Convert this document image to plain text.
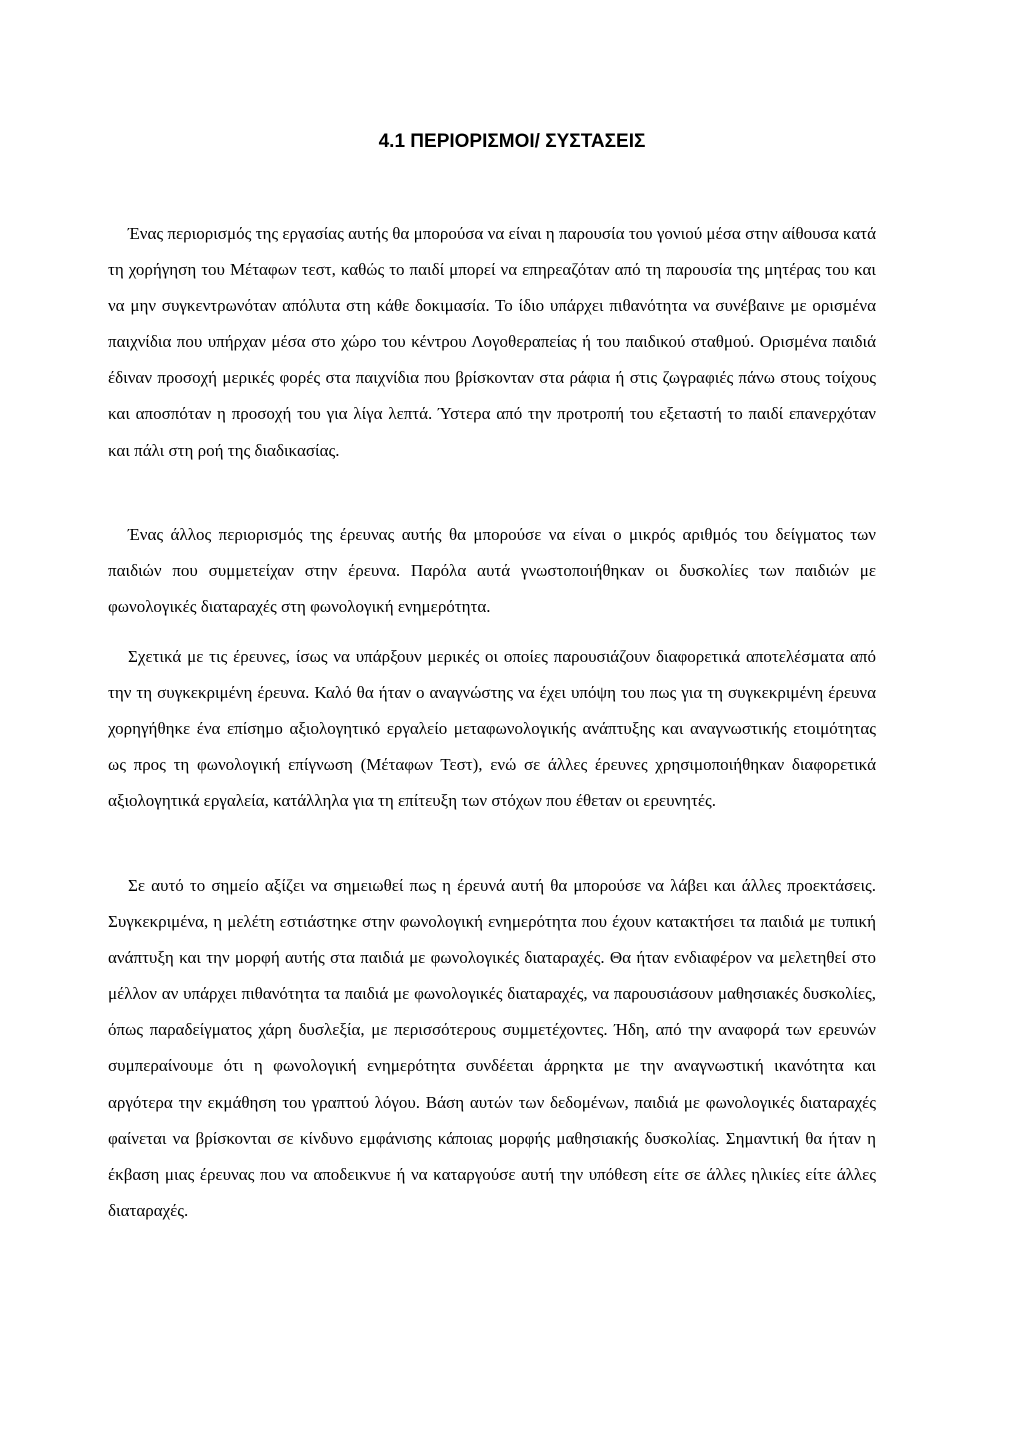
4.1 ΠΕΡΙΟΡΙΣΜΟΙ/ ΣΥΣΤΑΣΕΙΣ

Ένας περιορισμός της εργασίας αυτής θα μπορούσα να είναι η παρουσία του γονιού μέσα στην αίθουσα κατά τη χορήγηση του Μέταφων τεστ, καθώς το παιδί μπορεί να επηρεαζόταν από τη παρουσία της μητέρας του και να μην συγκεντρωνόταν απόλυτα στη κάθε δοκιμασία. Το ίδιο υπάρχει πιθανότητα να συνέβαινε με ορισμένα παιχνίδια που υπήρχαν μέσα στο χώρο του κέντρου Λογοθεραπείας ή του παιδικού σταθμού. Ορισμένα παιδιά έδιναν προσοχή μερικές φορές στα παιχνίδια που βρίσκονταν στα ράφια ή στις ζωγραφιές πάνω στους τοίχους και αποσπόταν η προσοχή του για λίγα λεπτά. Ύστερα από την προτροπή του εξεταστή το παιδί επανερχόταν και πάλι στη ροή της διαδικασίας.

Ένας άλλος περιορισμός της έρευνας αυτής θα μπορούσε να είναι ο μικρός αριθμός του δείγματος των παιδιών που συμμετείχαν στην έρευνα. Παρόλα αυτά γνωστοποιήθηκαν οι δυσκολίες των παιδιών με φωνολογικές διαταραχές στη φωνολογική ενημερότητα.

Σχετικά με τις έρευνες, ίσως να υπάρξουν μερικές οι οποίες παρουσιάζουν διαφορετικά αποτελέσματα από την τη συγκεκριμένη έρευνα. Καλό θα ήταν ο αναγνώστης να έχει υπόψη του πως για τη συγκεκριμένη έρευνα χορηγήθηκε ένα επίσημο αξιολογητικό εργαλείο μεταφωνολογικής ανάπτυξης και αναγνωστικής ετοιμότητας ως προς τη φωνολογική επίγνωση (Μέταφων Τεστ), ενώ σε άλλες έρευνες χρησιμοποιήθηκαν διαφορετικά αξιολογητικά εργαλεία, κατάλληλα για τη επίτευξη των στόχων που έθεταν οι ερευνητές.

Σε αυτό το σημείο αξίζει να σημειωθεί πως η έρευνά αυτή θα μπορούσε να λάβει και άλλες προεκτάσεις. Συγκεκριμένα, η μελέτη εστιάστηκε στην φωνολογική ενημερότητα που έχουν κατακτήσει τα παιδιά με τυπική ανάπτυξη και την μορφή αυτής στα παιδιά με φωνολογικές διαταραχές. Θα ήταν ενδιαφέρον να μελετηθεί στο μέλλον αν υπάρχει πιθανότητα τα παιδιά με φωνολογικές διαταραχές, να παρουσιάσουν μαθησιακές δυσκολίες, όπως παραδείγματος χάρη δυσλεξία, με περισσότερους συμμετέχοντες. Ήδη, από την αναφορά των ερευνών συμπεραίνουμε ότι η φωνολογική ενημερότητα συνδέεται άρρηκτα με την αναγνωστική ικανότητα και αργότερα την εκμάθηση του γραπτού λόγου. Βάση αυτών των δεδομένων, παιδιά με φωνολογικές διαταραχές φαίνεται να βρίσκονται σε κίνδυνο εμφάνισης κάποιας μορφής μαθησιακής δυσκολίας. Σημαντική θα ήταν η έκβαση μιας έρευνας που να αποδεικνυε ή να καταργούσε αυτή την υπόθεση είτε σε άλλες ηλικίες είτε άλλες διαταραχές.
